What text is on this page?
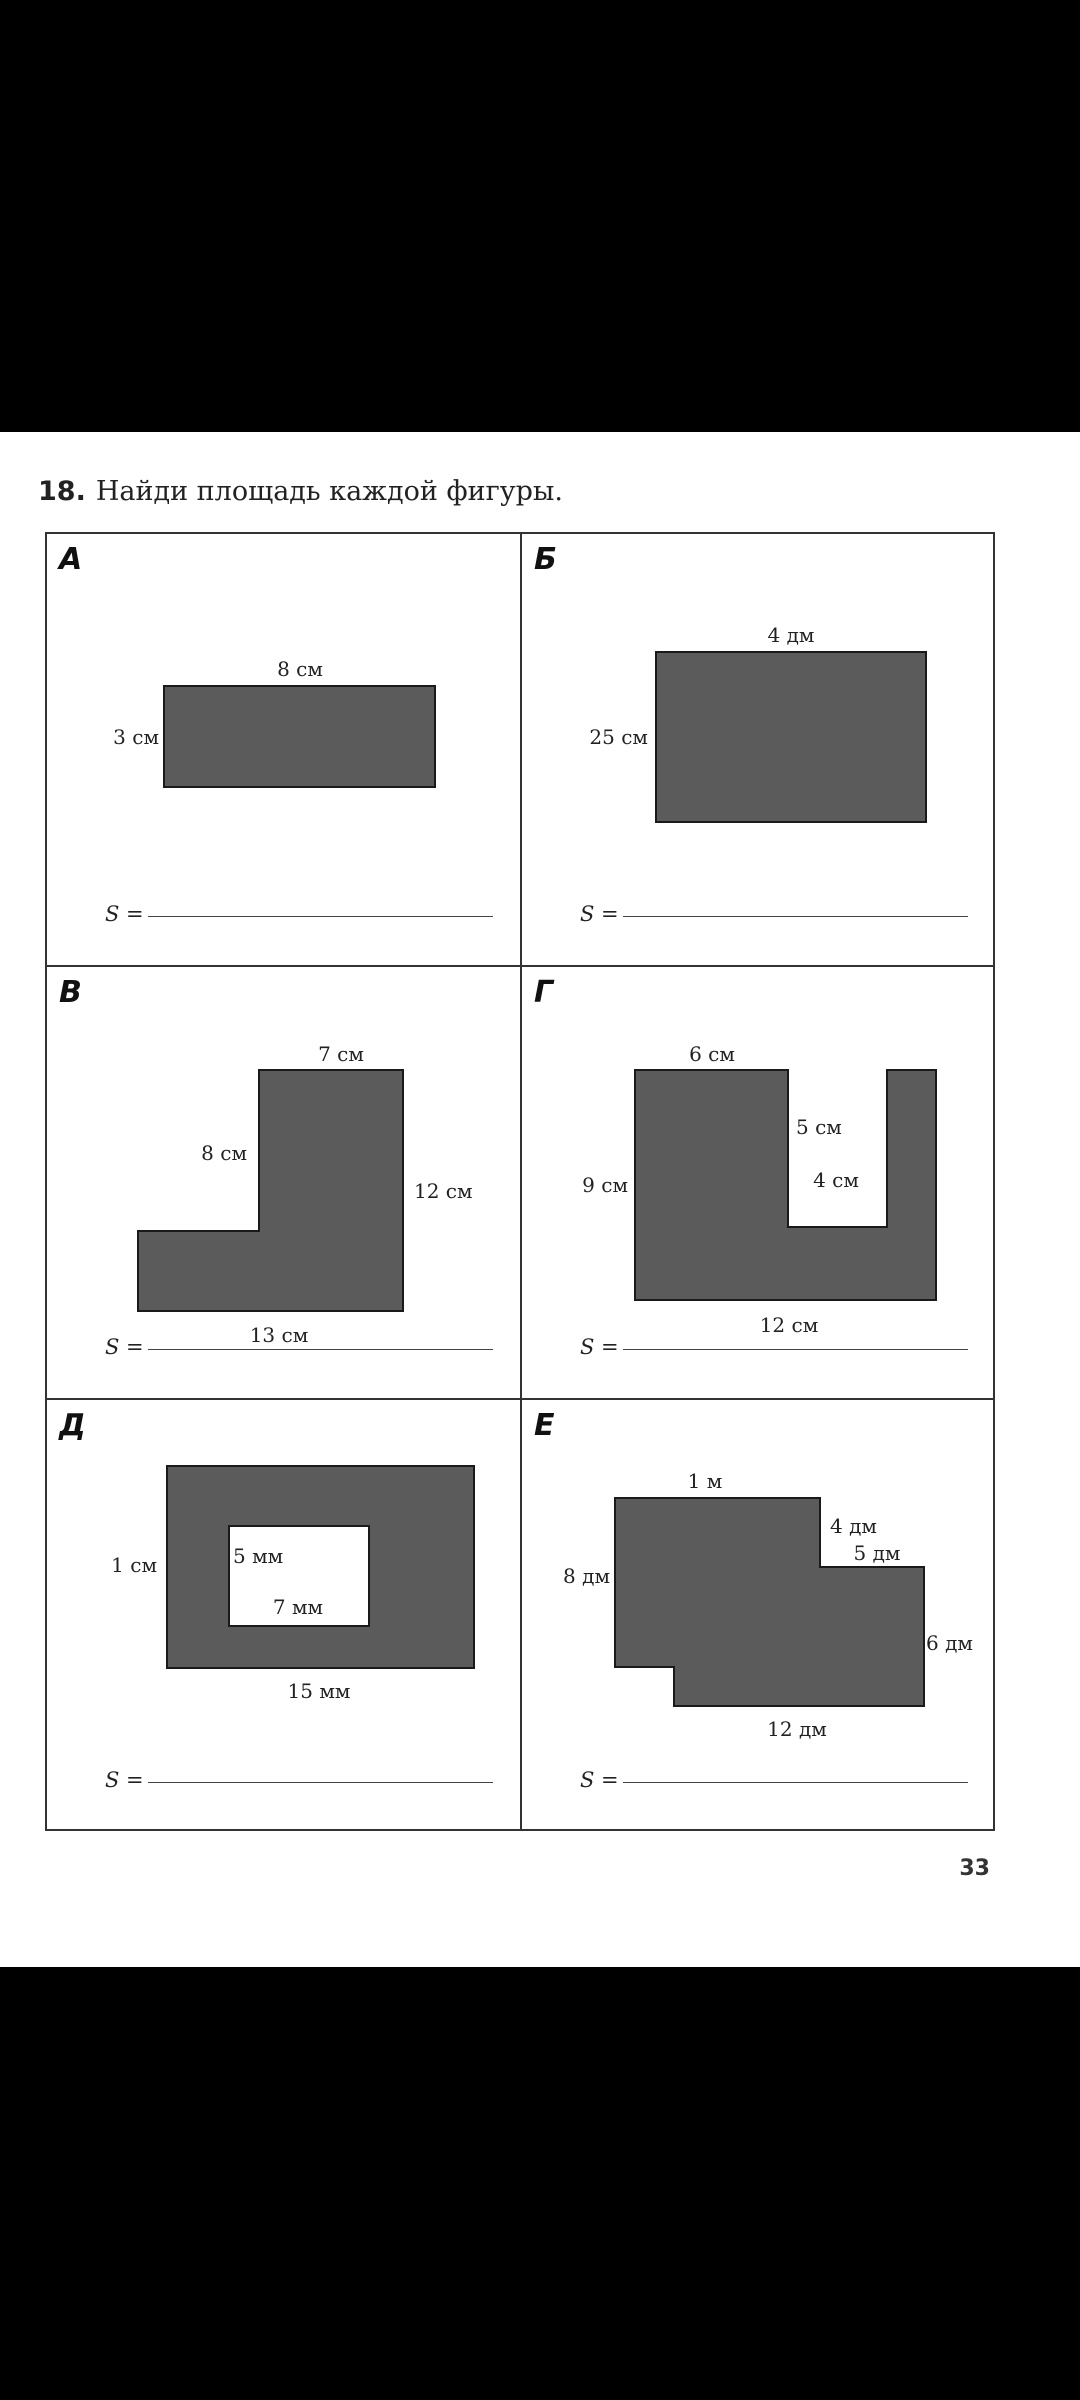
18. Найди площадь каждой фигуры.
А
8 см
3 см
S =
Б
4 дм
25 см
S =
В
7 см
8 см
12 см
13 см
S =
Г
6 см
5 см
4 см
9 см
12 см
S =
Д
1 см	5 мм
7 мм
15 мм
S =
Е
1 м
4 дм
5 дм
8 дм
6 дм
12 дм
S =
33
